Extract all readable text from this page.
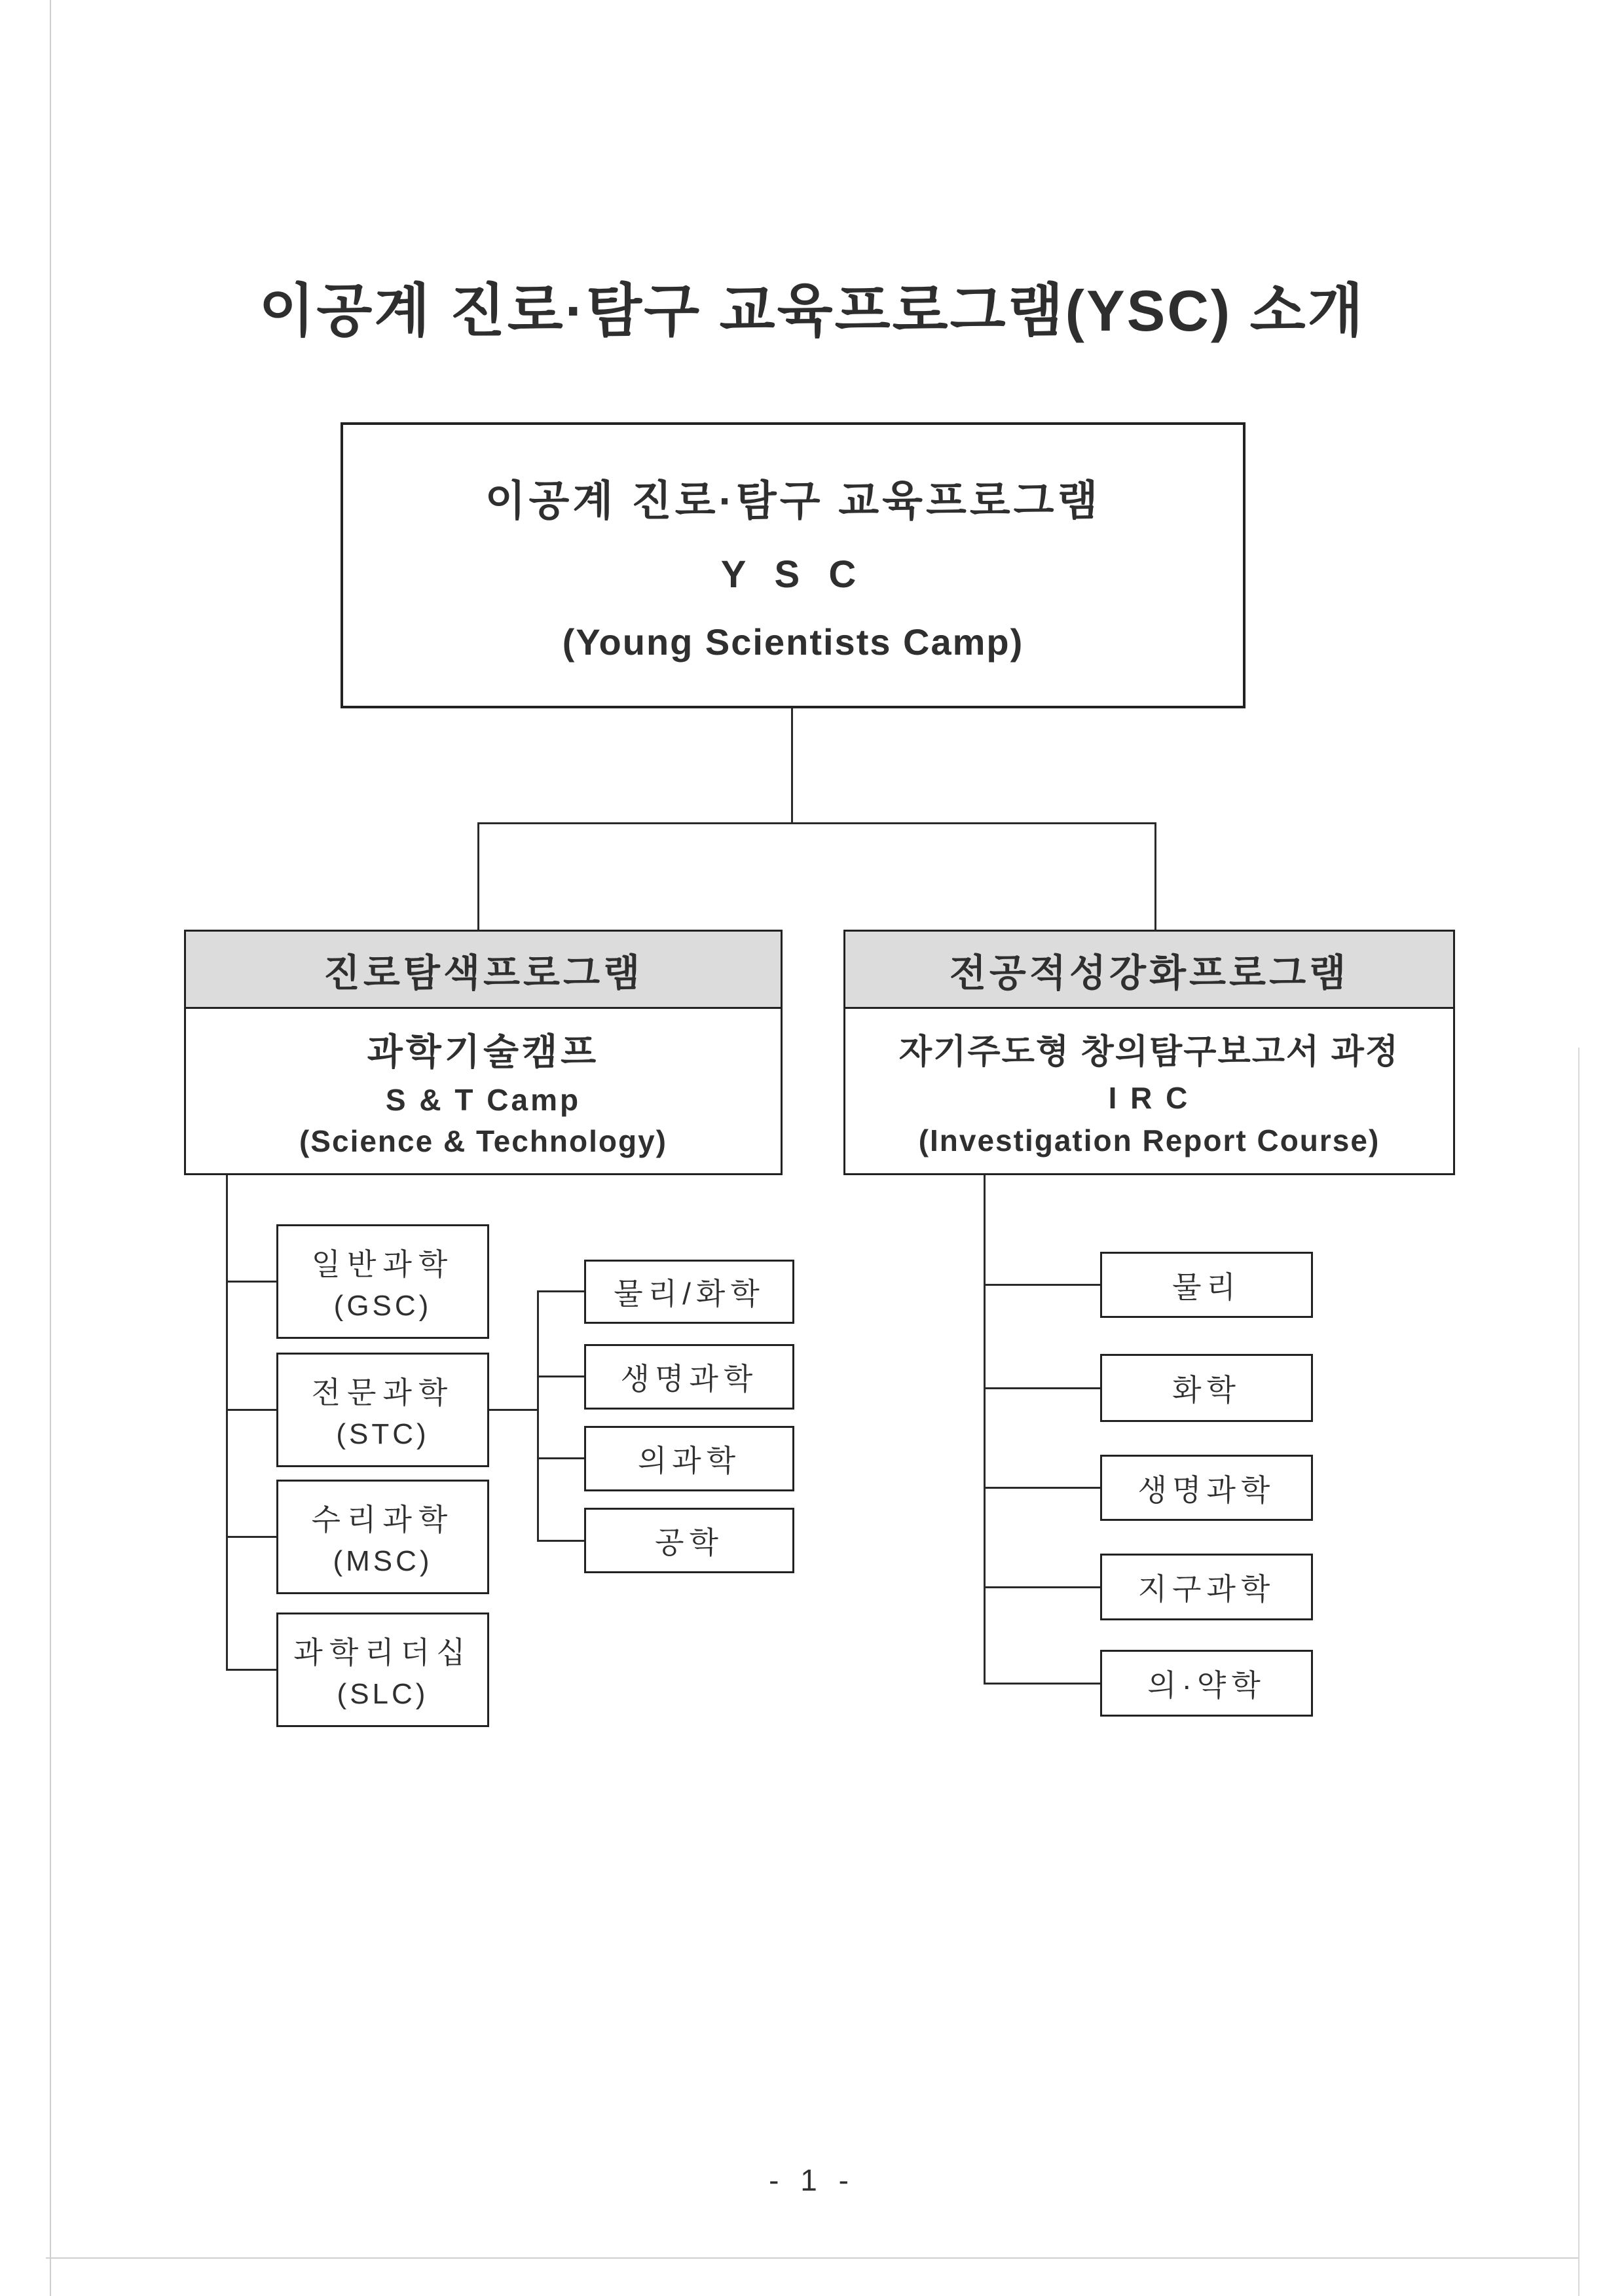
이공계 진로·탐구 교육프로그램(YSC) 소개
이공계 진로·탐구 교육프로그램
Y S C
(Young Scientists Camp)
진로탐색프로그램
과학기술캠프
S & T Camp
(Science & Technology)
전공적성강화프로그램
자기주도형 창의탐구보고서 과정
I R C
(Investigation Report Course)
일반과학
(GSC)
전문과학
(STC)
수리과학
(MSC)
과학리더십
(SLC)
물리/화학
생명과학
의과학
공학
물리
화학
생명과학
지구과학
의·약학
- 1 -
